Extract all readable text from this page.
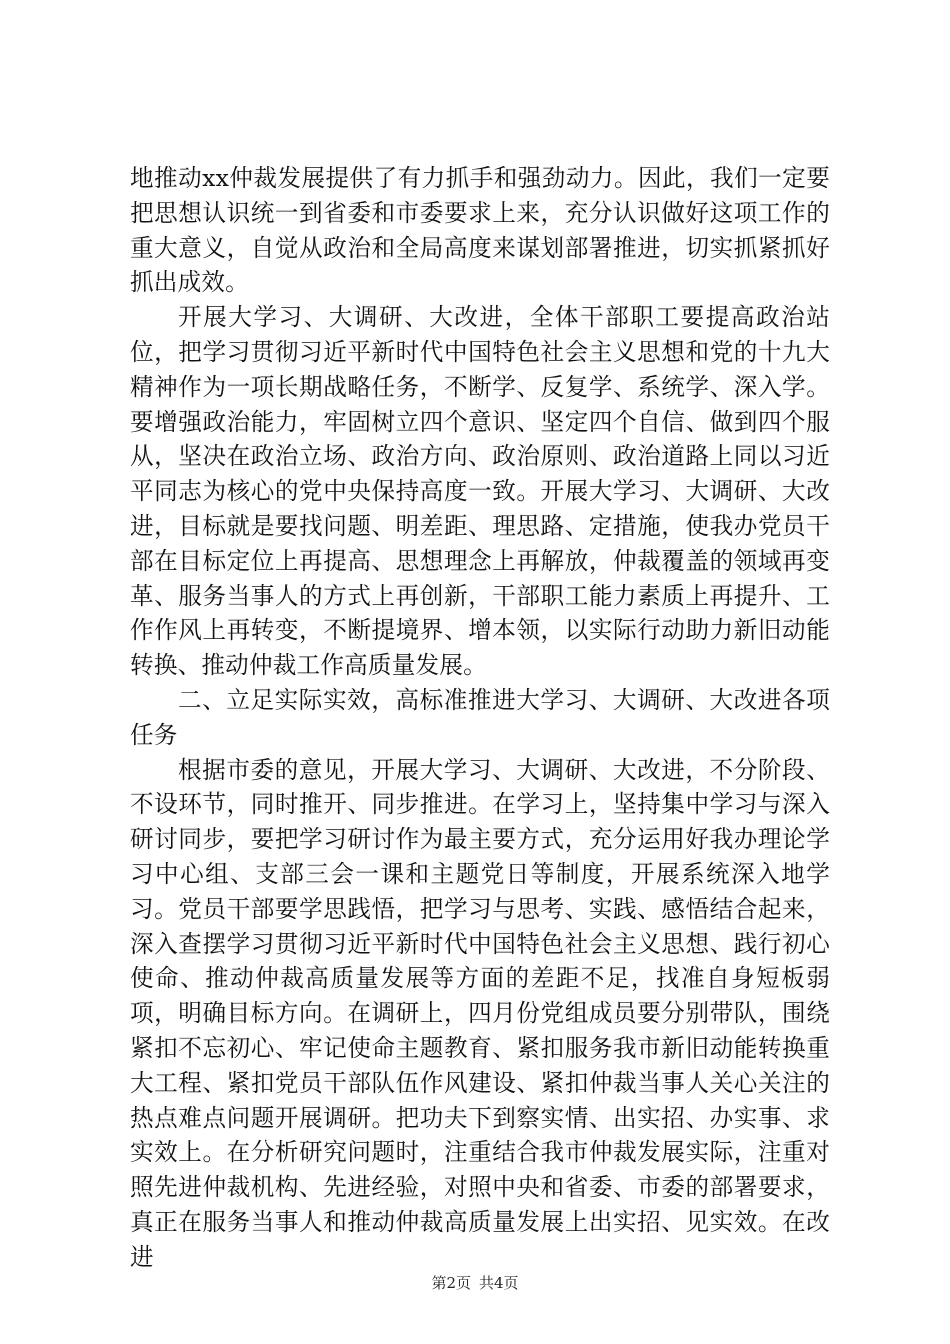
地推动xx仲裁发展提供了有力抓手和强劲动力。因此，我们一定要把思想认识统一到省委和市委要求上来，充分认识做好这项工作的重大意义，自觉从政治和全局高度来谋划部署推进，切实抓紧抓好抓出成效。

开展大学习、大调研、大改进，全体干部职工要提高政治站位，把学习贯彻习近平新时代中国特色社会主义思想和党的十九大精神作为一项长期战略任务，不断学、反复学、系统学、深入学。要增强政治能力，牢固树立四个意识、坚定四个自信、做到四个服从，坚决在政治立场、政治方向、政治原则、政治道路上同以习近平同志为核心的党中央保持高度一致。开展大学习、大调研、大改进，目标就是要找问题、明差距、理思路、定措施，使我办党员干部在目标定位上再提高、思想理念上再解放，仲裁覆盖的领域再变革、服务当事人的方式上再创新，干部职工能力素质上再提升、工作作风上再转变，不断提境界、增本领，以实际行动助力新旧动能转换、推动仲裁工作高质量发展。

二、立足实际实效，高标准推进大学习、大调研、大改进各项任务

根据市委的意见，开展大学习、大调研、大改进，不分阶段、不设环节，同时推开、同步推进。在学习上，坚持集中学习与深入研讨同步，要把学习研讨作为最主要方式，充分运用好我办理论学习中心组、支部三会一课和主题党日等制度，开展系统深入地学习。党员干部要学思践悟，把学习与思考、实践、感悟结合起来，深入查摆学习贯彻习近平新时代中国特色社会主义思想、践行初心使命、推动仲裁高质量发展等方面的差距不足，找准自身短板弱项，明确目标方向。在调研上，四月份党组成员要分别带队，围绕紧扣不忘初心、牢记使命主题教育、紧扣服务我市新旧动能转换重大工程、紧扣党员干部队伍作风建设、紧扣仲裁当事人关心关注的热点难点问题开展调研。把功夫下到察实情、出实招、办实事、求实效上。在分析研究问题时，注重结合我市仲裁发展实际，注重对照先进仲裁机构、先进经验，对照中央和省委、市委的部署要求，真正在服务当事人和推动仲裁高质量发展上出实招、见实效。在改进

第2页 共4页
